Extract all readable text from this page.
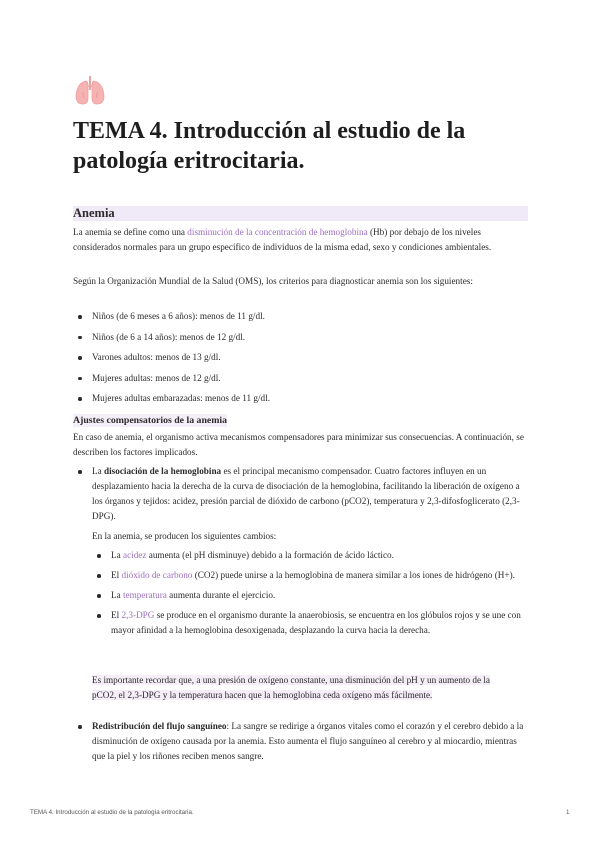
TEMA 4. Introducción al estudio de la patología eritrocitaria.
Anemia
La anemia se define como una disminución de la concentración de hemoglobina (Hb) por debajo de los niveles considerados normales para un grupo específico de individuos de la misma edad, sexo y condiciones ambientales.
Según la Organización Mundial de la Salud (OMS), los criterios para diagnosticar anemia son los siguientes:
Niños (de 6 meses a 6 años): menos de 11 g/dl.
Niños (de 6 a 14 años): menos de 12 g/dl.
Varones adultos: menos de 13 g/dl.
Mujeres adultas: menos de 12 g/dl.
Mujeres adultas embarazadas: menos de 11 g/dl.
Ajustes compensatorios de la anemia
En caso de anemia, el organismo activa mecanismos compensadores para minimizar sus consecuencias. A continuación, se describen los factores implicados.
La disociación de la hemoglobina es el principal mecanismo compensador. Cuatro factores influyen en un desplazamiento hacia la derecha de la curva de disociación de la hemoglobina, facilitando la liberación de oxígeno a los órganos y tejidos: acidez, presión parcial de dióxido de carbono (pCO2), temperatura y 2,3-difosfoglicerato (2,3-DPG).
En la anemia, se producen los siguientes cambios:
La acidez aumenta (el pH disminuye) debido a la formación de ácido láctico.
El dióxido de carbono (CO2) puede unirse a la hemoglobina de manera similar a los iones de hidrógeno (H+).
La temperatura aumenta durante el ejercicio.
El 2,3-DPG se produce en el organismo durante la anaerobiosis, se encuentra en los glóbulos rojos y se une con mayor afinidad a la hemoglobina desoxigenada, desplazando la curva hacia la derecha.
Es importante recordar que, a una presión de oxígeno constante, una disminución del pH y un aumento de la pCO2, el 2,3-DPG y la temperatura hacen que la hemoglobina ceda oxígeno más fácilmente.
Redistribución del flujo sanguíneo: La sangre se redirige a órganos vitales como el corazón y el cerebro debido a la disminución de oxígeno causada por la anemia. Esto aumenta el flujo sanguíneo al cerebro y al miocardio, mientras que la piel y los riñones reciben menos sangre.
TEMA 4. Introducción al estudio de la patología eritrocitaria.	1
